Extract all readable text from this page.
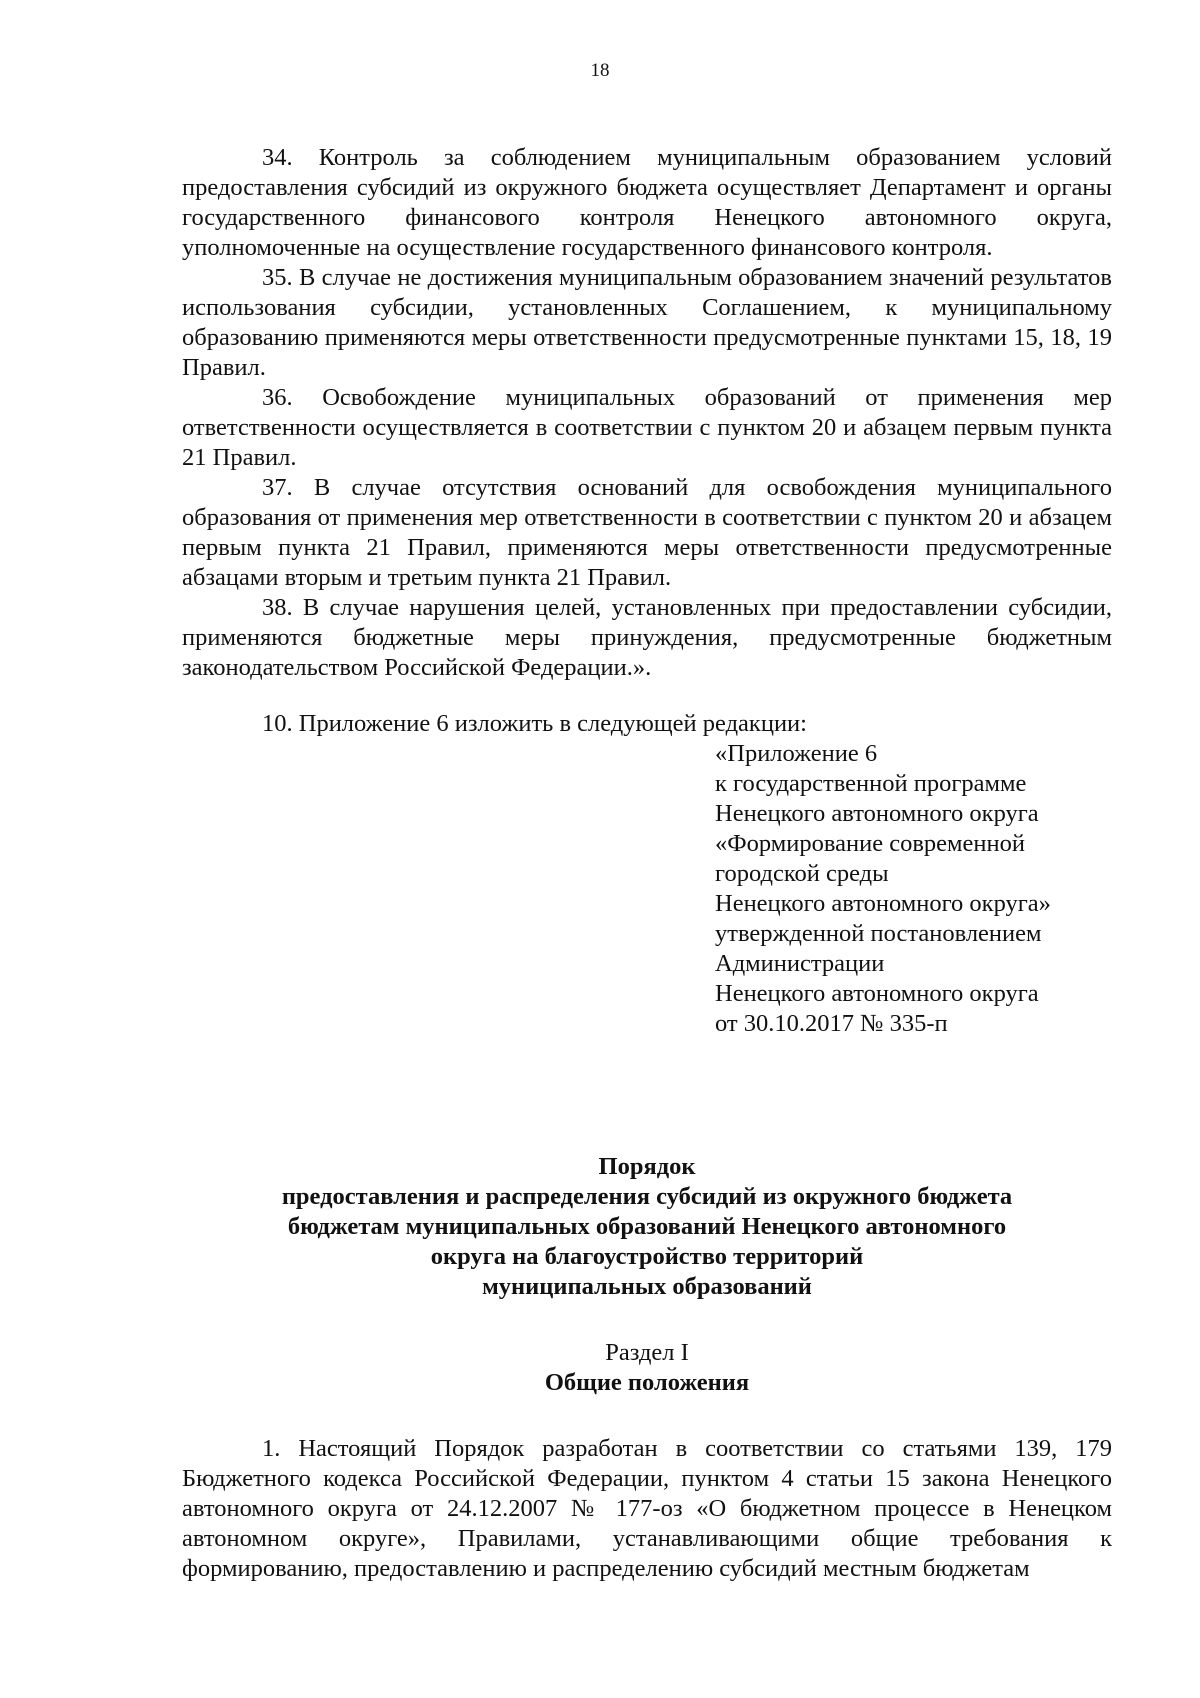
18

34. Контроль за соблюдением муниципальным образованием условий предоставления субсидий из окружного бюджета осуществляет Департамент и органы государственного финансового контроля Ненецкого автономного округа, уполномоченные на осуществление государственного финансового контроля.

35. В случае не достижения муниципальным образованием значений результатов использования субсидии, установленных Соглашением, к муниципальному образованию применяются меры ответственности предусмотренные пунктами 15, 18, 19 Правил.

36. Освобождение муниципальных образований от применения мер ответственности осуществляется в соответствии с пунктом 20 и абзацем первым пункта 21 Правил.

37. В случае отсутствия оснований для освобождения муниципального образования от применения мер ответственности в соответствии с пунктом 20 и абзацем первым пункта 21 Правил, применяются меры ответственности предусмотренные абзацами вторым и третьим пункта 21 Правил.

38. В случае нарушения целей, установленных при предоставлении субсидии, применяются бюджетные меры принуждения, предусмотренные бюджетным законодательством Российской Федерации.».

10. Приложение 6 изложить в следующей редакции:

«Приложение 6
к государственной программе
Ненецкого автономного округа
«Формирование современной
городской среды
Ненецкого автономного округа»
утвержденной постановлением
Администрации
Ненецкого автономного округа
от 30.10.2017 № 335-п
Порядок
предоставления и распределения субсидий из окружного бюджета
бюджетам муниципальных образований Ненецкого автономного
округа на благоустройство территорий
муниципальных образований
Раздел I
Общие положения

1. Настоящий Порядок разработан в соответствии со статьями 139, 179 Бюджетного кодекса Российской Федерации, пунктом 4 статьи 15 закона Ненецкого автономного округа от 24.12.2007 № 177-оз «О бюджетном процессе в Ненецком автономном округе», Правилами, устанавливающими общие требования к формированию, предоставлению и распределению субсидий местным бюджетам
